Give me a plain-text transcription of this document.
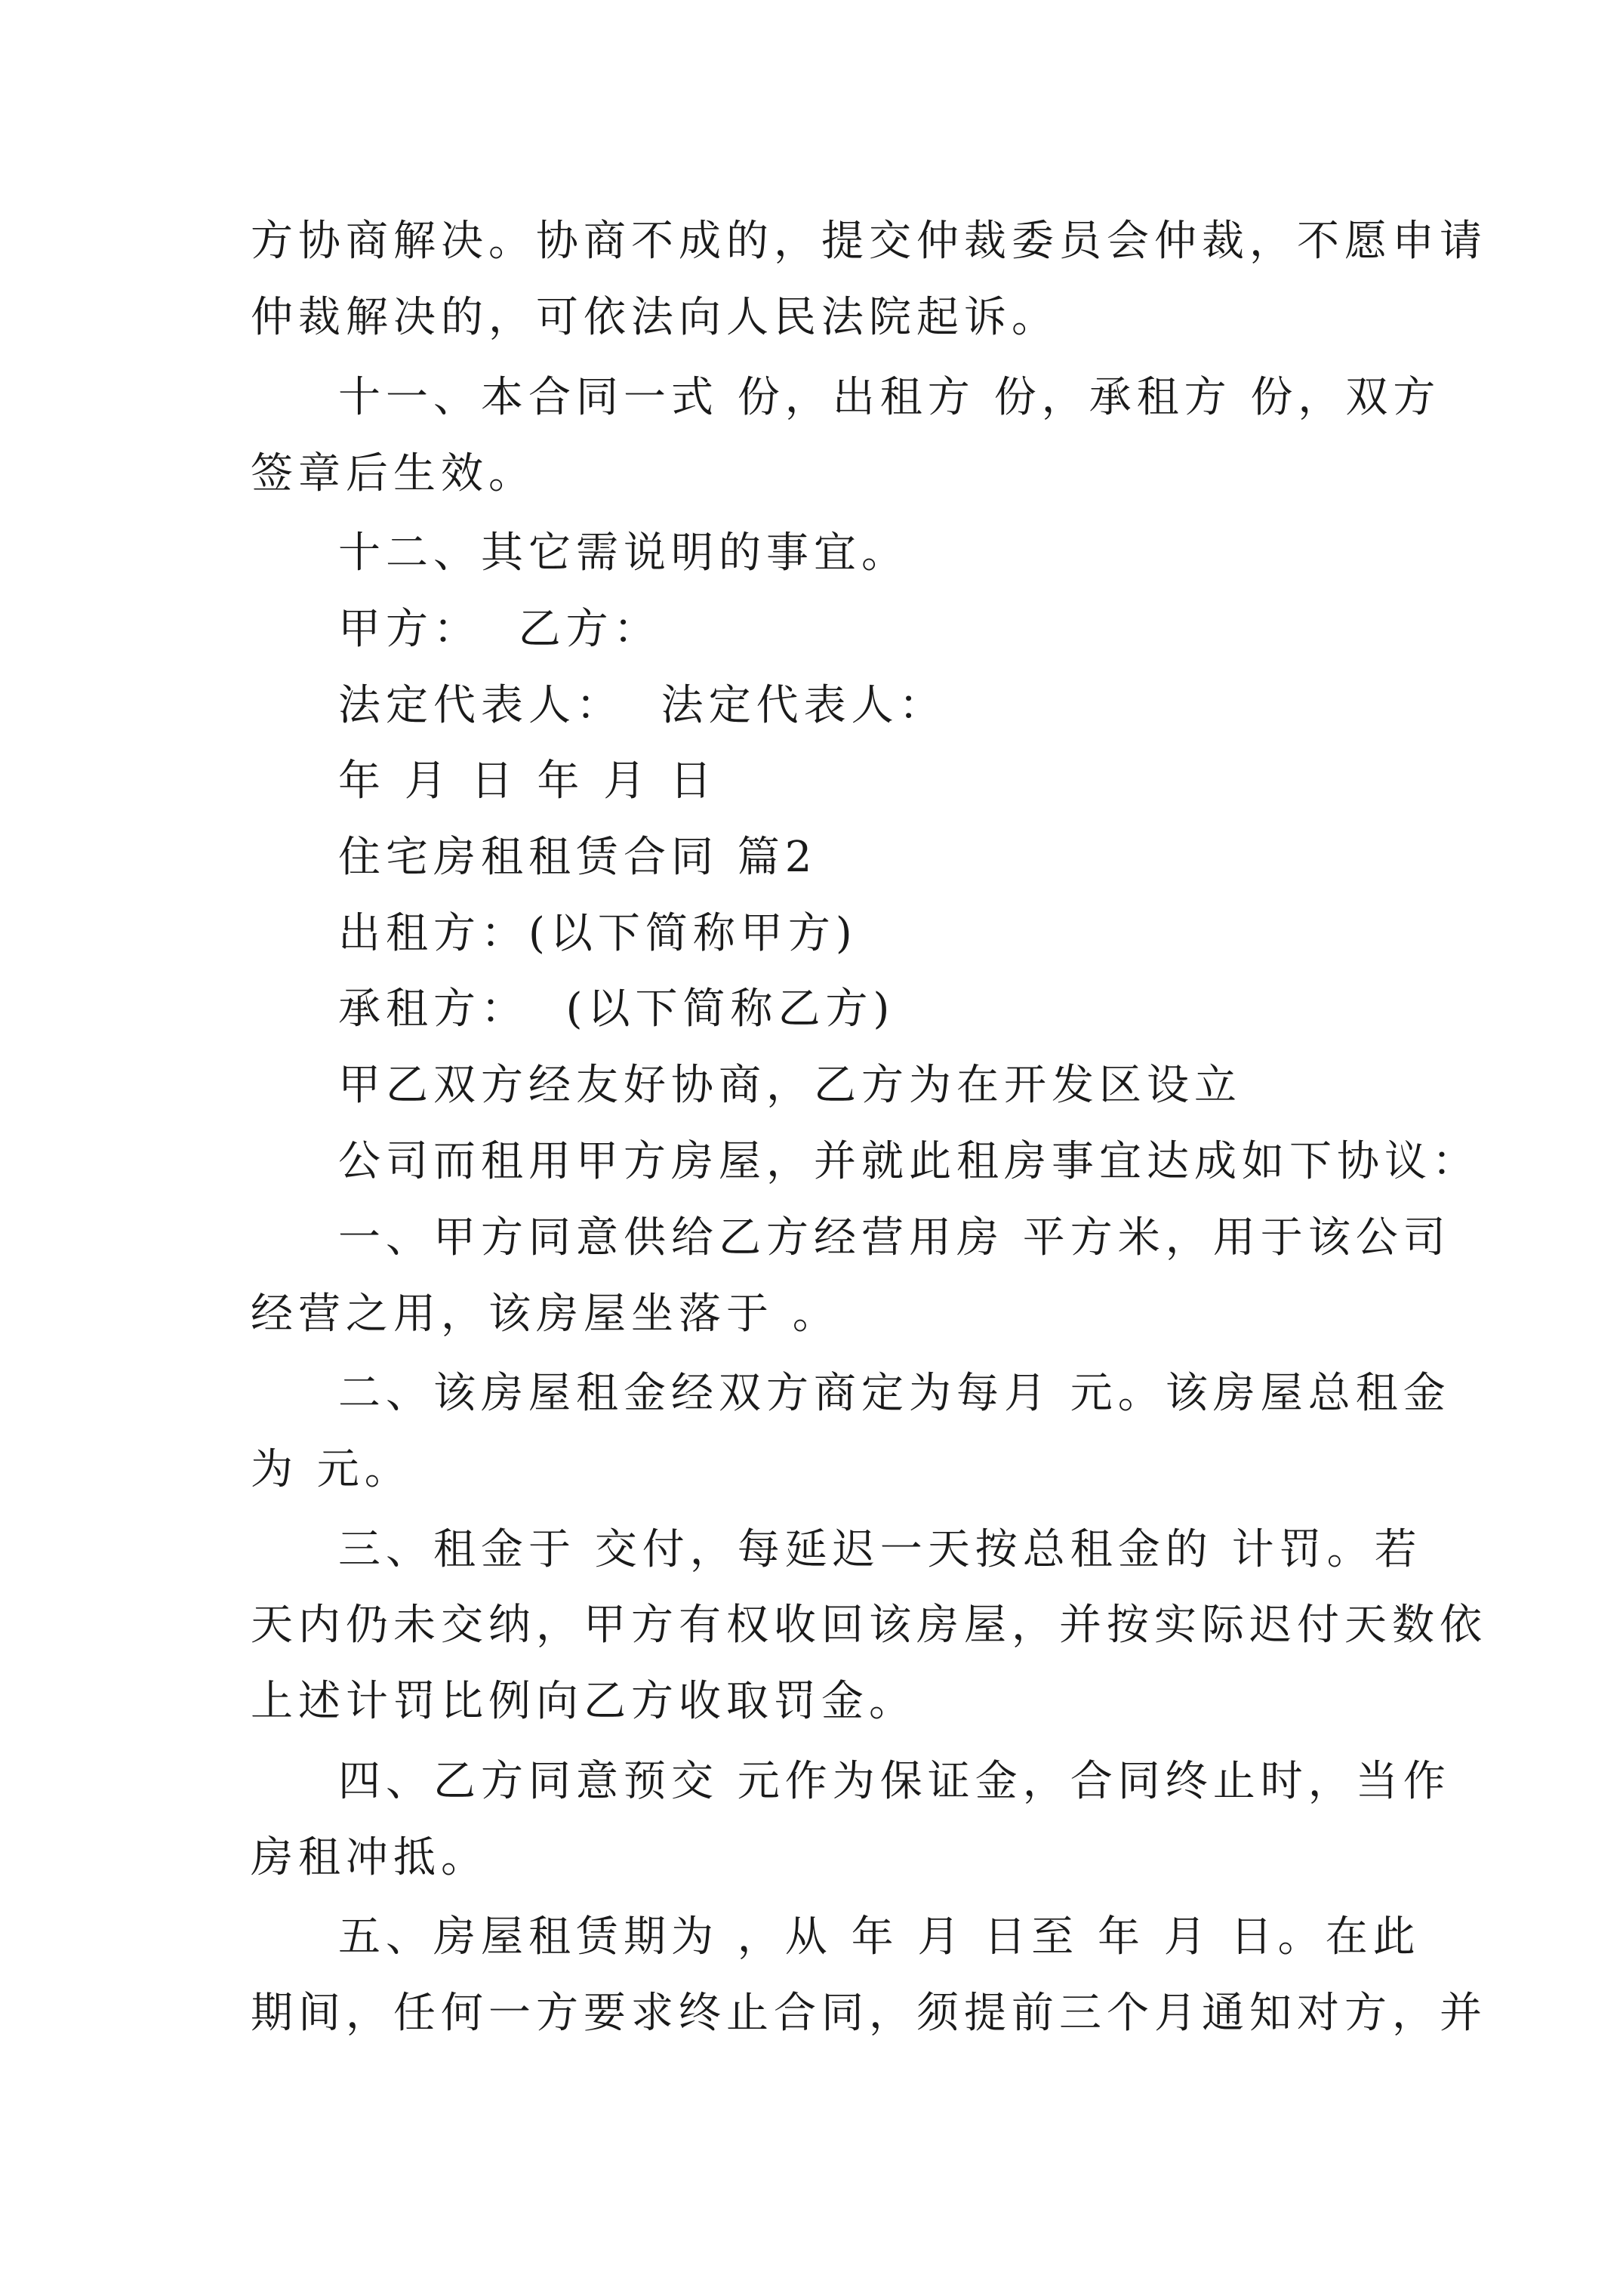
方协商解决。协商不成的，提交仲裁委员会仲裁，不愿申请
仲裁解决的，可依法向人民法院起诉。
十一、本合同一式 份，出租方 份，承租方 份，双方
签章后生效。
十二、其它需说明的事宜。
甲方：  乙方：
法定代表人：  法定代表人：
年 月 日 年 月 日
住宅房租租赁合同 篇2
出租方：(以下简称甲方)
承租方：  (以下简称乙方)
甲乙双方经友好协商，乙方为在开发区设立
公司而租用甲方房屋，并就此租房事宜达成如下协议：
一、甲方同意供给乙方经营用房 平方米，用于该公司
经营之用，该房屋坐落于 。
二、该房屋租金经双方商定为每月 元。该房屋总租金
为 元。
三、租金于 交付，每延迟一天按总租金的 计罚。若
天内仍未交纳，甲方有权收回该房屋，并按实际迟付天数依
上述计罚比例向乙方收取罚金。
四、乙方同意预交 元作为保证金，合同终止时，当作
房租冲抵。
五、房屋租赁期为 ，从 年 月 日至 年 月 日。在此
期间，任何一方要求终止合同，须提前三个月通知对方，并
